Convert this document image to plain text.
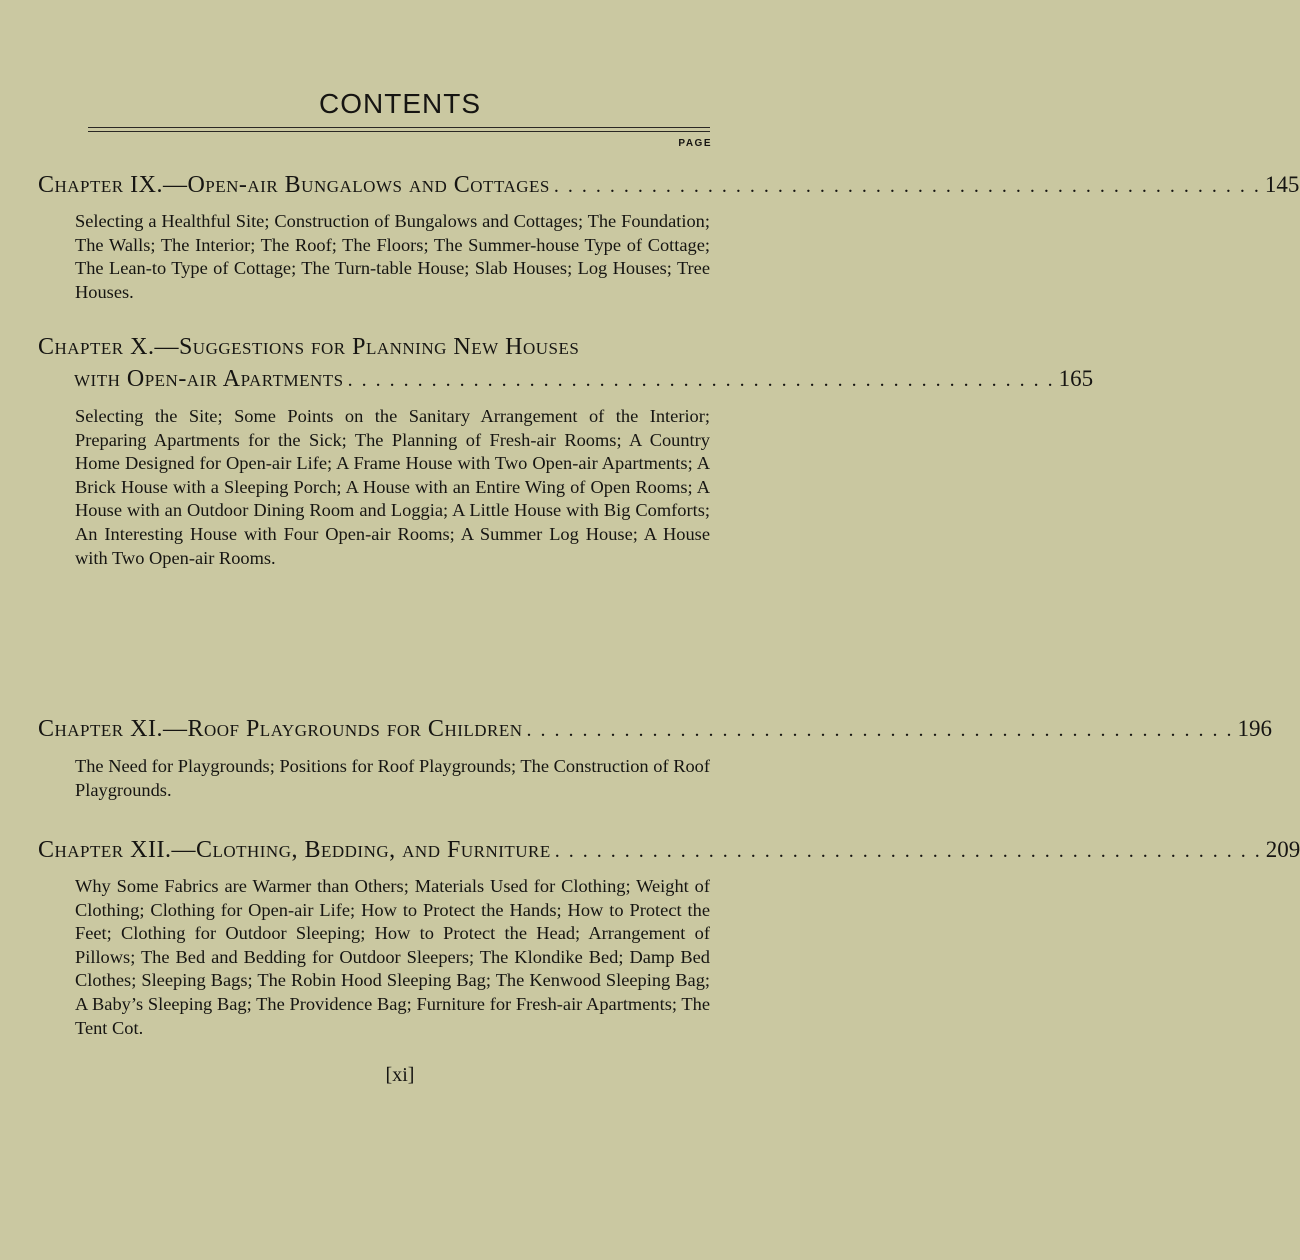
CONTENTS
PAGE
Chapter IX.—Open-air Bungalows and Cottages . . . . . . . . . . . . . . . . . . . . . . . . . . . . . . . . . . . . . . . . . . . . . . . . . . . 145
Selecting a Healthful Site; Construction of Bungalows and Cottages; The Foundation; The Walls; The Interior; The Roof; The Floors; The Summer-house Type of Cottage; The Lean-to Type of Cottage; The Turn-table House; Slab Houses; Log Houses; Tree Houses.
Chapter X.—Suggestions for Planning New Houses
with Open-air Apartments . . . . . . . . . . . . . . . . . . . . . . . . . . . . . . . . . . . . . . . . . . . . . . . . . . . 165
Selecting the Site; Some Points on the Sanitary Arrangement of the Interior; Preparing Apartments for the Sick; The Planning of Fresh-air Rooms; A Country Home Designed for Open-air Life; A Frame House with Two Open-air Apartments; A Brick House with a Sleeping Porch; A House with an Entire Wing of Open Rooms; A House with an Outdoor Dining Room and Loggia; A Little House with Big Comforts; An Interesting House with Four Open-air Rooms; A Summer Log House; A House with Two Open-air Rooms.
Chapter XI.—Roof Playgrounds for Children . . . . . . . . . . . . . . . . . . . . . . . . . . . . . . . . . . . . . . . . . . . . . . . . . . . 196
The Need for Playgrounds; Positions for Roof Playgrounds; The Construction of Roof Playgrounds.
Chapter XII.—Clothing, Bedding, and Furniture . . . . . . . . . . . . . . . . . . . . . . . . . . . . . . . . . . . . . . . . . . . . . . . . . . . 209
Why Some Fabrics are Warmer than Others; Materials Used for Clothing; Weight of Clothing; Clothing for Open-air Life; How to Protect the Hands; How to Protect the Feet; Clothing for Outdoor Sleeping; How to Protect the Head; Arrangement of Pillows; The Bed and Bedding for Outdoor Sleepers; The Klondike Bed; Damp Bed Clothes; Sleeping Bags; The Robin Hood Sleeping Bag; The Kenwood Sleeping Bag; A Baby’s Sleeping Bag; The Providence Bag; Furniture for Fresh-air Apartments; The Tent Cot.
[xi]
